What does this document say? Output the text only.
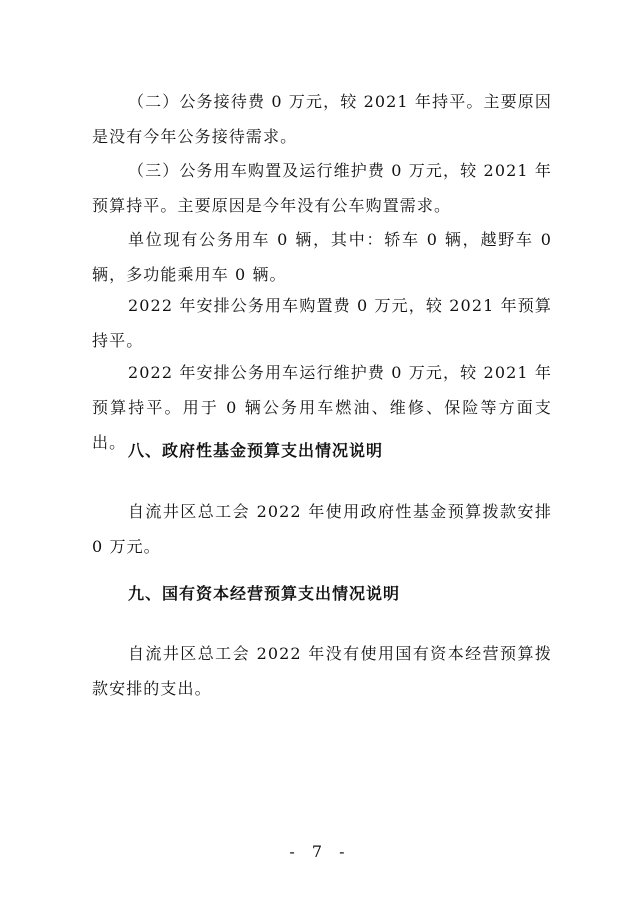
（二）公务接待费 0 万元，较 2021 年持平。主要原因是没有今年公务接待需求。

（三）公务用车购置及运行维护费 0 万元，较 2021 年预算持平。主要原因是今年没有公车购置需求。

单位现有公务用车 0 辆，其中：轿车 0 辆，越野车 0 辆，多功能乘用车 0 辆。

2022 年安排公务用车购置费 0 万元，较 2021 年预算持平。

2022 年安排公务用车运行维护费 0 万元，较 2021 年预算持平。用于 0 辆公务用车燃油、维修、保险等方面支出。 八、政府性基金预算支出情况说明

自流井区总工会 2022 年使用政府性基金预算拨款安排 0 万元。

九、国有资本经营预算支出情况说明

自流井区总工会 2022 年没有使用国有资本经营预算拨款安排的支出。

- 7 -
